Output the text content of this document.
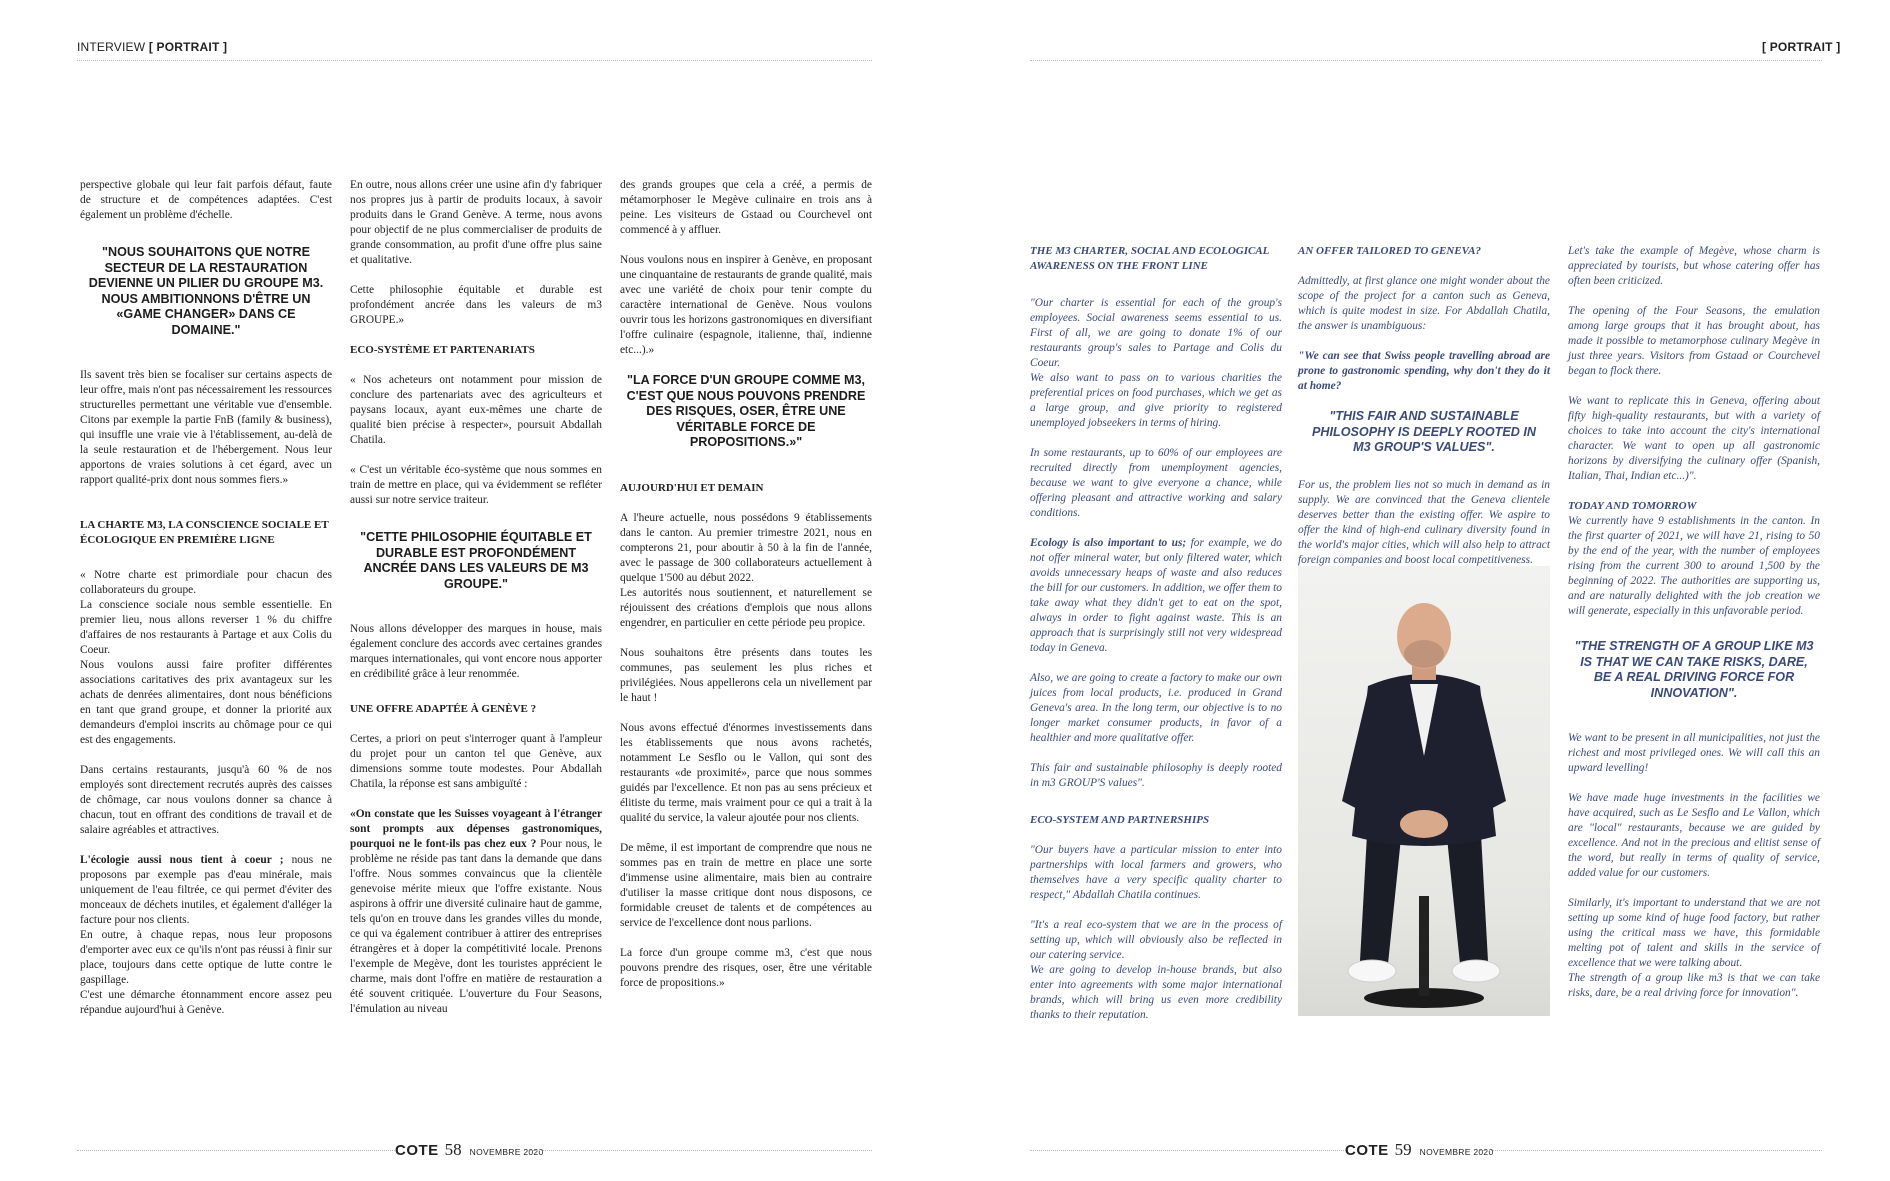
INTERVIEW [ PORTRAIT ]

perspective globale qui leur fait parfois défaut, faute de structure et de compétences adaptées. C'est également un problème d'échelle.

"NOUS SOUHAITONS QUE NOTRE SECTEUR DE LA RESTAURATION DEVIENNE UN PILIER DU GROUPE M3. NOUS AMBITIONNONS D'ÊTRE UN «GAME CHANGER» DANS CE DOMAINE."

Ils savent très bien se focaliser sur certains aspects de leur offre, mais n'ont pas nécessairement les ressources structurelles permettant une véritable vue d'ensemble. Citons par exemple la partie FnB (family & business), qui insuffle une vraie vie à l'établissement, au-delà de la seule restauration et de l'hébergement. Nous leur apportons de vraies solutions à cet égard, avec un rapport qualité-prix dont nous sommes fiers.»

LA CHARTE M3, LA CONSCIENCE SOCIALE ET ÉCOLOGIQUE EN PREMIÈRE LIGNE

« Notre charte est primordiale pour chacun des collaborateurs du groupe.

La conscience sociale nous semble essentielle. En premier lieu, nous allons reverser 1 % du chiffre d'affaires de nos restaurants à Partage et aux Colis du Coeur.

Nous voulons aussi faire profiter différentes associations caritatives des prix avantageux sur les achats de denrées alimentaires, dont nous bénéficions en tant que grand groupe, et donner la priorité aux demandeurs d'emploi inscrits au chômage pour ce qui est des engagements.

Dans certains restaurants, jusqu'à 60 % de nos employés sont directement recrutés auprès des caisses de chômage, car nous voulons donner sa chance à chacun, tout en offrant des conditions de travail et de salaire agréables et attractives.

L'écologie aussi nous tient à coeur ; nous ne proposons par exemple pas d'eau minérale, mais uniquement de l'eau filtrée, ce qui permet d'éviter des monceaux de déchets inutiles, et également d'alléger la facture pour nos clients.

En outre, à chaque repas, nous leur proposons d'emporter avec eux ce qu'ils n'ont pas réussi à finir sur place, toujours dans cette optique de lutte contre le gaspillage.

C'est une démarche étonnamment encore assez peu répandue aujourd'hui à Genève.

En outre, nous allons créer une usine afin d'y fabriquer nos propres jus à partir de produits locaux, à savoir produits dans le Grand Genève. A terme, nous avons pour objectif de ne plus commercialiser de produits de grande consommation, au profit d'une offre plus saine et qualitative.

Cette philosophie équitable et durable est profondément ancrée dans les valeurs de m3 GROUPE.»

ECO-SYSTÈME ET PARTENARIATS

« Nos acheteurs ont notamment pour mission de conclure des partenariats avec des agriculteurs et paysans locaux, ayant eux-mêmes une charte de qualité bien précise à respecter», poursuit Abdallah Chatila.

« C'est un véritable éco-système que nous sommes en train de mettre en place, qui va évidemment se refléter aussi sur notre service traiteur.

"CETTE PHILOSOPHIE ÉQUITABLE ET DURABLE EST PROFONDÉMENT ANCRÉE DANS LES VALEURS DE M3 GROUPE."

Nous allons développer des marques in house, mais également conclure des accords avec certaines grandes marques internationales, qui vont encore nous apporter en crédibilité grâce à leur renommée.

UNE OFFRE ADAPTÉE À GENÈVE ?

Certes, a priori on peut s'interroger quant à l'ampleur du projet pour un canton tel que Genève, aux dimensions somme toute modestes. Pour Abdallah Chatila, la réponse est sans ambiguïté :

«On constate que les Suisses voyageant à l'étranger sont prompts aux dépenses gastronomiques, pourquoi ne le font-ils pas chez eux ? Pour nous, le problème ne réside pas tant dans la demande que dans l'offre. Nous sommes convaincus que la clientèle genevoise mérite mieux que l'offre existante. Nous aspirons à offrir une diversité culinaire haut de gamme, tels qu'on en trouve dans les grandes villes du monde, ce qui va également contribuer à attirer des entreprises étrangères et à doper la compétitivité locale. Prenons l'exemple de Megève, dont les touristes apprécient le charme, mais dont l'offre en matière de restauration a été souvent critiquée. L'ouverture du Four Seasons, l'émulation au niveau

des grands groupes que cela a créé, a permis de métamorphoser le Megève culinaire en trois ans à peine. Les visiteurs de Gstaad ou Courchevel ont commencé à y affluer.

Nous voulons nous en inspirer à Genève, en proposant une cinquantaine de restaurants de grande qualité, mais avec une variété de choix pour tenir compte du caractère international de Genève. Nous voulons ouvrir tous les horizons gastronomiques en diversifiant l'offre culinaire (espagnole, italienne, thaï, indienne etc...).»

"LA FORCE D'UN GROUPE COMME M3, C'EST QUE NOUS POUVONS PRENDRE DES RISQUES, OSER, ÊTRE UNE VÉRITABLE FORCE DE PROPOSITIONS.»"

AUJOURD'HUI ET DEMAIN

A l'heure actuelle, nous possédons 9 établissements dans le canton. Au premier trimestre 2021, nous en compterons 21, pour aboutir à 50 à la fin de l'année, avec le passage de 300 collaborateurs actuellement à quelque 1'500 au début 2022.

Les autorités nous soutiennent, et naturellement se réjouissent des créations d'emplois que nous allons engendrer, en particulier en cette période peu propice.

Nous souhaitons être présents dans toutes les communes, pas seulement les plus riches et privilégiées. Nous appellerons cela un nivellement par le haut !

Nous avons effectué d'énormes investissements dans les établissements que nous avons rachetés, notamment Le Sesflo ou le Vallon, qui sont des restaurants «de proximité», parce que nous sommes guidés par l'excellence. Et non pas au sens précieux et élitiste du terme, mais vraiment pour ce qui a trait à la qualité du service, la valeur ajoutée pour nos clients.

De même, il est important de comprendre que nous ne sommes pas en train de mettre en place une sorte d'immense usine alimentaire, mais bien au contraire d'utiliser la masse critique dont nous disposons, ce formidable creuset de talents et de compétences au service de l'excellence dont nous parlions.

La force d'un groupe comme m3, c'est que nous pouvons prendre des risques, oser, être une véritable force de propositions.»

COTE 58 NOVEMBRE 2020
[ PORTRAIT ]

THE M3 CHARTER, SOCIAL AND ECOLOGICAL AWARENESS ON THE FRONT LINE

"Our charter is essential for each of the group's employees. Social awareness seems essential to us. First of all, we are going to donate 1% of our restaurants group's sales to Partage and Colis du Coeur.

We also want to pass on to various charities the preferential prices on food purchases, which we get as a large group, and give priority to registered unemployed jobseekers in terms of hiring.

In some restaurants, up to 60% of our employees are recruited directly from unemployment agencies, because we want to give everyone a chance, while offering pleasant and attractive working and salary conditions.

Ecology is also important to us; for example, we do not offer mineral water, but only filtered water, which avoids unnecessary heaps of waste and also reduces the bill for our customers. In addition, we offer them to take away what they didn't get to eat on the spot, always in order to fight against waste. This is an approach that is surprisingly still not very widespread today in Geneva.

Also, we are going to create a factory to make our own juices from local products, i.e. produced in Grand Geneva's area. In the long term, our objective is to no longer market consumer products, in favor of a healthier and more qualitative offer.

This fair and sustainable philosophy is deeply rooted in m3 GROUP'S values".

ECO-SYSTEM AND PARTNERSHIPS

"Our buyers have a particular mission to enter into partnerships with local farmers and growers, who themselves have a very specific quality charter to respect," Abdallah Chatila continues.

"It's a real eco-system that we are in the process of setting up, which will obviously also be reflected in our catering service.

We are going to develop in-house brands, but also enter into agreements with some major international brands, which will bring us even more credibility thanks to their reputation.

AN OFFER TAILORED TO GENEVA?

Admittedly, at first glance one might wonder about the scope of the project for a canton such as Geneva, which is quite modest in size. For Abdallah Chatila, the answer is unambiguous:

"We can see that Swiss people travelling abroad are prone to gastronomic spending, why don't they do it at home?

"THIS FAIR AND SUSTAINABLE PHILOSOPHY IS DEEPLY ROOTED IN M3 GROUP'S VALUES".

For us, the problem lies not so much in demand as in supply. We are convinced that the Geneva clientele deserves better than the existing offer. We aspire to offer the kind of high-end culinary diversity found in the world's major cities, which will also help to attract foreign companies and boost local competitiveness.

Let's take the example of Megève, whose charm is appreciated by tourists, but whose catering offer has often been criticized.

The opening of the Four Seasons, the emulation among large groups that it has brought about, has made it possible to metamorphose culinary Megève in just three years. Visitors from Gstaad or Courchevel began to flock there.

We want to replicate this in Geneva, offering about fifty high-quality restaurants, but with a variety of choices to take into account the city's international character. We want to open up all gastronomic horizons by diversifying the culinary offer (Spanish, Italian, Thai, Indian etc...)".

TODAY AND TOMORROW

We currently have 9 establishments in the canton. In the first quarter of 2021, we will have 21, rising to 50 by the end of the year, with the number of employees rising from the current 300 to around 1,500 by the beginning of 2022. The authorities are supporting us, and are naturally delighted with the job creation we will generate, especially in this unfavorable period.

"THE STRENGTH OF A GROUP LIKE M3 IS THAT WE CAN TAKE RISKS, DARE, BE A REAL DRIVING FORCE FOR INNOVATION".

We want to be present in all municipalities, not just the richest and most privileged ones. We will call this an upward levelling!

We have made huge investments in the facilities we have acquired, such as Le Sesflo and Le Vallon, which are "local" restaurants, because we are guided by excellence. And not in the precious and elitist sense of the word, but really in terms of quality of service, added value for our customers.

Similarly, it's important to understand that we are not setting up some kind of huge food factory, but rather using the critical mass we have, this formidable melting pot of talent and skills in the service of excellence that we were talking about.

The strength of a group like m3 is that we can take risks, dare, be a real driving force for innovation".

COTE 59 NOVEMBRE 2020
